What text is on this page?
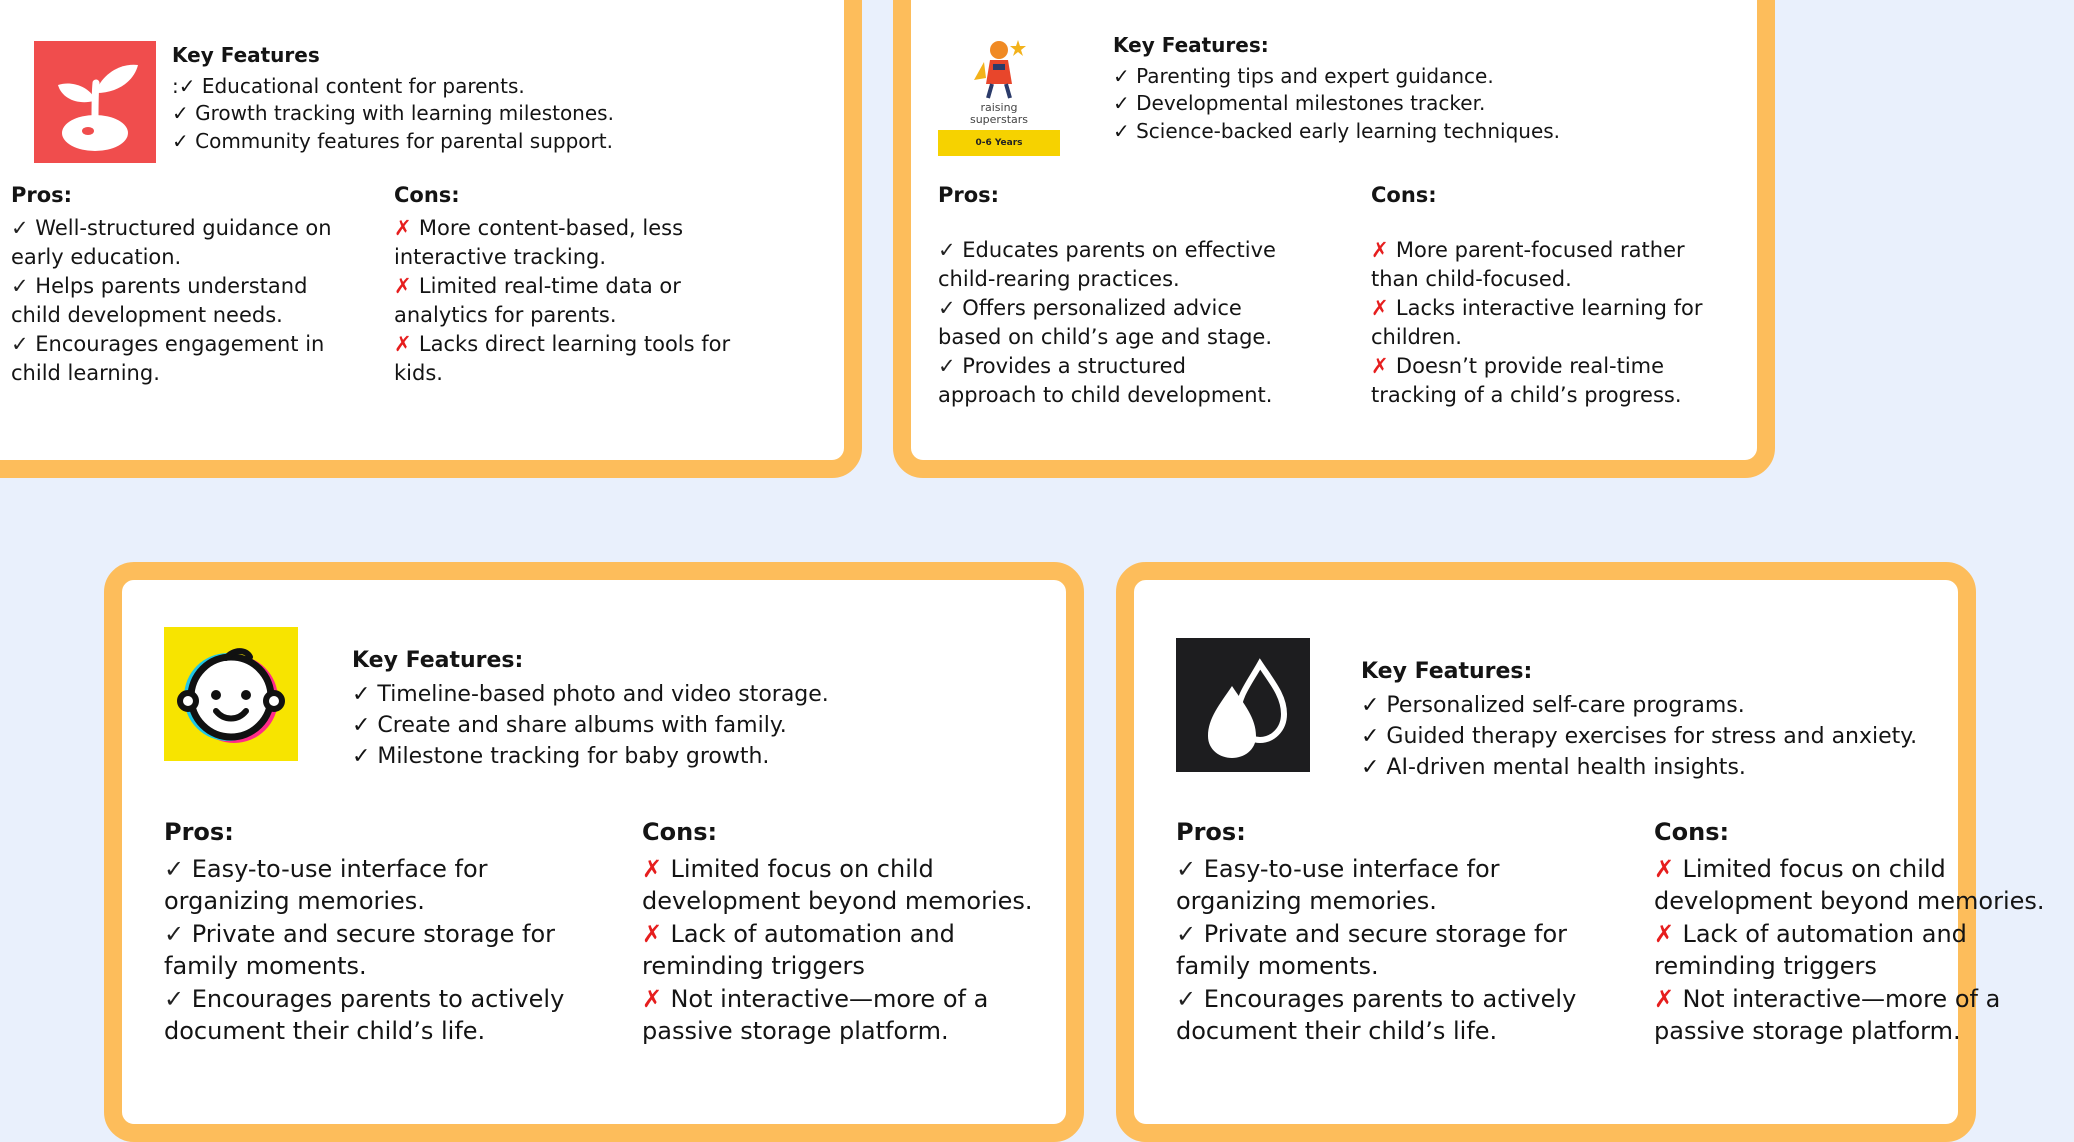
Key Features
:✓ Educational content for parents.
✓ Growth tracking with learning milestones.
✓ Community features for parental support.
Pros:
✓ Well-structured guidance on early education.
✓ Helps parents understand child development needs.
✓ Encourages engagement in child learning.
Cons:
✗ More content-based, less interactive tracking.
✗ Limited real-time data or analytics for parents.
✗ Lacks direct learning tools for kids.
raising
superstars
0-6 Years
Key Features:
✓ Parenting tips and expert guidance.
✓ Developmental milestones tracker.
✓ Science-backed early learning techniques.
Pros:
✓ Educates parents on effective child-rearing practices.
✓ Offers personalized advice based on child’s age and stage.
✓ Provides a structured approach to child development.
Cons:
✗ More parent-focused rather than child-focused.
✗ Lacks interactive learning for children.
✗ Doesn’t provide real-time tracking of a child’s progress.
Key Features:
✓ Timeline-based photo and video storage.
✓ Create and share albums with family.
✓ Milestone tracking for baby growth.
Pros:
✓ Easy-to-use interface for organizing memories.
✓ Private and secure storage for family moments.
✓ Encourages parents to actively document their child’s life.
Cons:
✗ Limited focus on child development beyond memories.
✗ Lack of automation and reminding triggers
✗ Not interactive—more of a passive storage platform.
Key Features:
✓ Personalized self-care programs.
✓ Guided therapy exercises for stress and anxiety.
✓ AI-driven mental health insights.
Pros:
✓ Easy-to-use interface for organizing memories.
✓ Private and secure storage for family moments.
✓ Encourages parents to actively document their child’s life.
Cons:
✗ Limited focus on child development beyond memories.
✗ Lack of automation and reminding triggers
✗ Not interactive—more of a passive storage platform.
